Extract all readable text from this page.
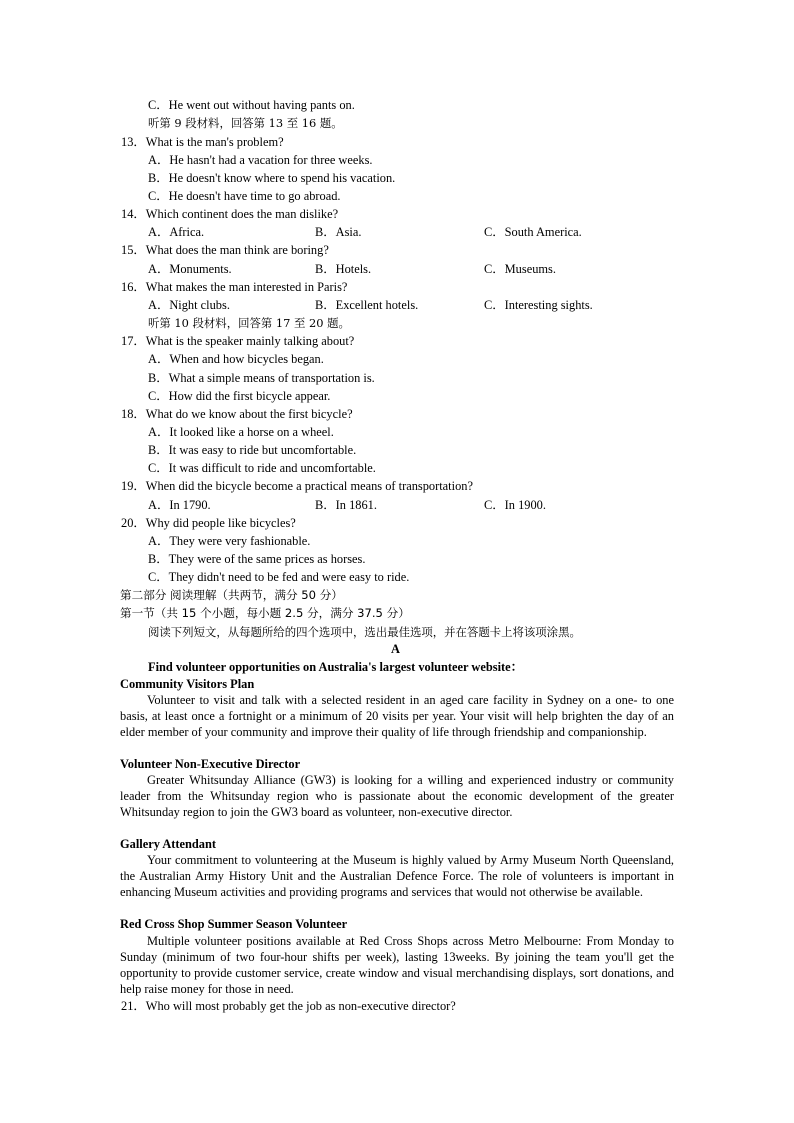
C．He went out without having pants on.
听第 9 段材料，回答第 13 至 16 题。
13．What is the man's problem?
A．He hasn't had a vacation for three weeks.
B．He doesn't know where to spend his vacation.
C．He doesn't have time to go abroad.
14．Which continent does the man dislike?
A．Africa.	B．Asia.	C．South America.
15．What does the man think are boring?
A．Monuments.	B．Hotels.	C．Museums.
16．What makes the man interested in Paris?
A．Night clubs.	B．Excellent hotels.	C．Interesting sights.
听第 10 段材料，回答第 17 至 20 题。
17．What is the speaker mainly talking about?
A．When and how bicycles began.
B．What a simple means of transportation is.
C．How did the first bicycle appear.
18．What do we know about the first bicycle?
A．It looked like a horse on a wheel.
B．It was easy to ride but uncomfortable.
C．It was difficult to ride and uncomfortable.
19．When did the bicycle become a practical means of transportation?
A．In 1790.	B．In 1861.	C．In 1900.
20．Why did people like bicycles?
A．They were very fashionable.
B．They were of the same prices as horses.
C．They didn't need to be fed and were easy to ride.
第二部分 阅读理解（共两节，满分 50 分）
第一节（共 15 个小题，每小题 2.5 分，满分 37.5 分）
阅读下列短文，从每题所给的四个选项中，选出最佳选项，并在答题卡上将该项涂黑。
A
Find volunteer opportunities on Australia's largest volunteer website：
Community Visitors Plan
Volunteer to visit and talk with a selected resident in an aged care facility in Sydney on a one- to one basis, at least once a fortnight or a minimum of 20 visits per year. Your visit will help brighten the day of an elder member of your community and improve their quality of life through friendship and companionship.
Volunteer Non-Executive Director
Greater Whitsunday Alliance (GW3) is looking for a willing and experienced industry or community leader from the Whitsunday region who is passionate about the economic development of the greater Whitsunday region to join the GW3 board as volunteer, non-executive director.
Gallery Attendant
Your commitment to volunteering at the Museum is highly valued by Army Museum North Queensland, the Australian Army History Unit and the Australian Defence Force. The role of volunteers is important in enhancing Museum activities and providing programs and services that would not otherwise be available.
Red Cross Shop Summer Season Volunteer
Multiple volunteer positions available at Red Cross Shops across Metro Melbourne: From Monday to Sunday (minimum of two four-hour shifts per week), lasting 13weeks. By joining the team you'll get the opportunity to provide customer service, create window and visual merchandising displays, sort donations, and help raise money for those in need.
21．Who will most probably get the job as non-executive director?
